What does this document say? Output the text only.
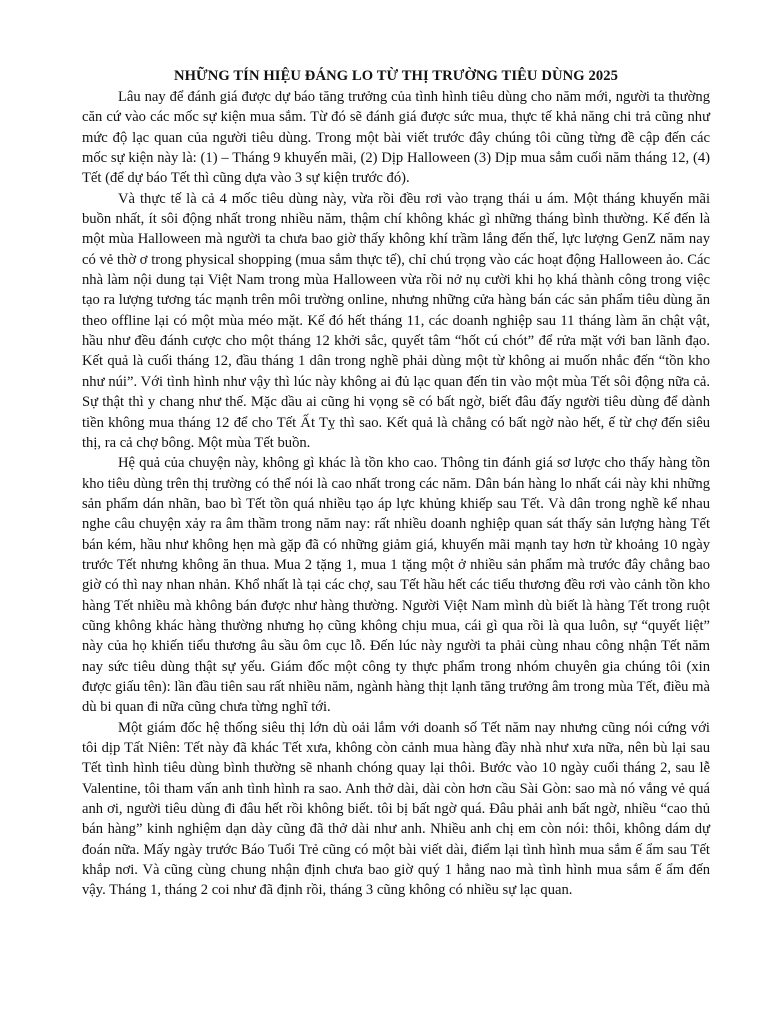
NHỮNG TÍN HIỆU ĐÁNG LO TỪ THỊ TRƯỜNG TIÊU DÙNG 2025

Lâu nay để đánh giá được dự báo tăng trưởng của tình hình tiêu dùng cho năm mới, người ta thường căn cứ vào các mốc sự kiện mua sắm. Từ đó sẽ đánh giá được sức mua, thực tế khả năng chi trả cũng như mức độ lạc quan của người tiêu dùng. Trong một bài viết trước đây chúng tôi cũng từng đề cập đến các mốc sự kiện này là: (1) – Tháng 9 khuyến mãi, (2) Dịp Halloween (3) Dịp mua sắm cuối năm tháng 12, (4) Tết (để dự báo Tết thì cũng dựa vào 3 sự kiện trước đó).

Và thực tế là cả 4 mốc tiêu dùng này, vừa rồi đều rơi vào trạng thái u ám. Một tháng khuyến mãi buồn nhất, ít sôi động nhất trong nhiều năm, thậm chí không khác gì những tháng bình thường. Kế đến là một mùa Halloween mà người ta chưa bao giờ thấy không khí trầm lắng đến thế, lực lượng GenZ năm nay có vẻ thờ ơ trong physical shopping (mua sắm thực tế), chỉ chú trọng vào các hoạt động Halloween ảo. Các nhà làm nội dung tại Việt Nam trong mùa Halloween vừa rồi nở nụ cười khi họ khá thành công trong việc tạo ra lượng tương tác mạnh trên môi trường online, nhưng những cửa hàng bán các sản phẩm tiêu dùng ăn theo offline lại có một mùa méo mặt. Kế đó hết tháng 11, các doanh nghiệp sau 11 tháng làm ăn chật vật, hầu như đều đánh cược cho một tháng 12 khởi sắc, quyết tâm “hốt cú chót” để rửa mặt với ban lãnh đạo. Kết quả là cuối tháng 12, đầu tháng 1 dân trong nghề phải dùng một từ không ai muốn nhắc đến “tồn kho như núi”. Với tình hình như vậy thì lúc này không ai đủ lạc quan đến tin vào một mùa Tết sôi động nữa cả. Sự thật thì y chang như thế. Mặc dầu ai cũng hi vọng sẽ có bất ngờ, biết đâu đấy người tiêu dùng để dành tiền không mua tháng 12 để cho Tết Ất Tỵ thì sao. Kết quả là chẳng có bất ngờ nào hết, ế từ chợ đến siêu thị, ra cả chợ bông. Một mùa Tết buồn.

Hệ quả của chuyện này, không gì khác là tồn kho cao. Thông tin đánh giá sơ lược cho thấy hàng tồn kho tiêu dùng trên thị trường có thể nói là cao nhất trong các năm. Dân bán hàng lo nhất cái này khi những sản phẩm dán nhãn, bao bì Tết tồn quá nhiều tạo áp lực khủng khiếp sau Tết. Và dân trong nghề kể nhau nghe câu chuyện xảy ra âm thầm trong năm nay: rất nhiều doanh nghiệp quan sát thấy sản lượng hàng Tết bán kém, hầu như không hẹn mà gặp đã có những giảm giá, khuyến mãi mạnh tay hơn từ khoảng 10 ngày trước Tết nhưng không ăn thua. Mua 2 tặng 1, mua 1 tặng một ở nhiều sản phẩm mà trước đây chẳng bao giờ có thì nay nhan nhản. Khổ nhất là tại các chợ, sau Tết hầu hết các tiểu thương đều rơi vào cảnh tồn kho hàng Tết nhiều mà không bán được như hàng thường. Người Việt Nam mình dù biết là hàng Tết trong ruột cũng không khác hàng thường nhưng họ cũng không chịu mua, cái gì qua rồi là qua luôn, sự “quyết liệt” này của họ khiến tiểu thương âu sầu ôm cục lỗ. Đến lúc này người ta phải cùng nhau công nhận Tết năm nay sức tiêu dùng thật sự yếu. Giám đốc một công ty thực phẩm trong nhóm chuyên gia chúng tôi (xin được giấu tên): lần đầu tiên sau rất nhiều năm, ngành hàng thịt lạnh tăng trưởng âm trong mùa Tết, điều mà dù bi quan đi nữa cũng chưa từng nghĩ tới.

Một giám đốc hệ thống siêu thị lớn dù oải lắm với doanh số Tết năm nay nhưng cũng nói cứng với tôi dịp Tất Niên: Tết này đã khác Tết xưa, không còn cảnh mua hàng đầy nhà như xưa nữa, nên bù lại sau Tết tình hình tiêu dùng bình thường sẽ nhanh chóng quay lại thôi. Bước vào 10 ngày cuối tháng 2, sau lễ Valentine, tôi tham vấn anh tình hình ra sao. Anh thở dài, dài còn hơn cầu Sài Gòn: sao mà nó vắng vẻ quá anh ơi, người tiêu dùng đi đâu hết rồi không biết. tôi bị bất ngờ quá. Đâu phải anh bất ngờ, nhiều “cao thủ bán hàng” kinh nghiệm dạn dày cũng đã thở dài như anh. Nhiều anh chị em còn nói: thôi, không dám dự đoán nữa. Mấy ngày trước Báo Tuổi Trẻ cũng có một bài viết dài, điểm lại tình hình mua sắm ế ẩm sau Tết khắp nơi. Và cũng cùng chung nhận định chưa bao giờ quý 1 hẳng nao mà tình hình mua sắm ế ẩm đến vậy. Tháng 1, tháng 2 coi như đã định rồi, tháng 3 cũng không có nhiều sự lạc quan.
